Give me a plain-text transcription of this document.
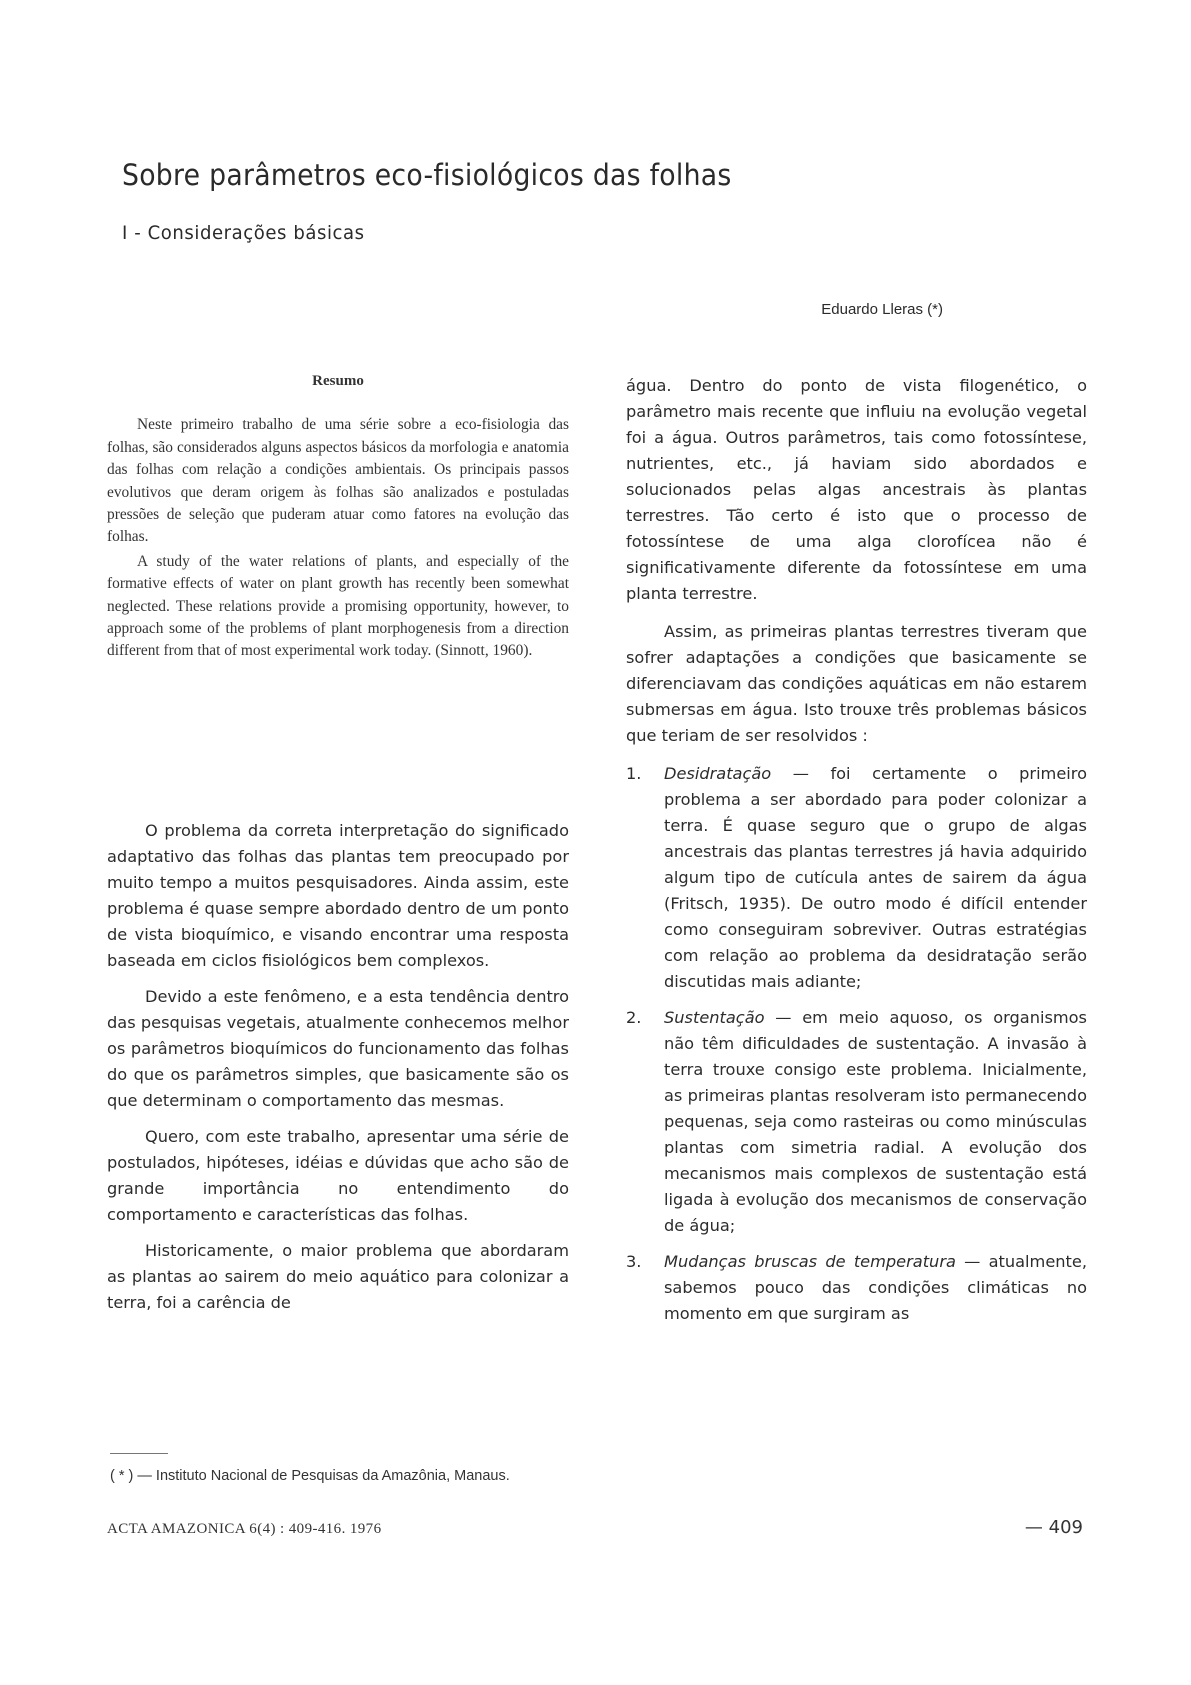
Sobre parâmetros eco-fisiológicos das folhas
I - Considerações básicas
Eduardo Lleras (*)
Resumo

Neste primeiro trabalho de uma série sobre a eco-fisiologia das folhas, são considerados alguns aspectos básicos da morfologia e anatomia das folhas com relação a condições ambientais. Os principais passos evolutivos que deram origem às folhas são analizados e postuladas pressões de seleção que puderam atuar como fatores na evolução das folhas.

A study of the water relations of plants, and especially of the formative effects of water on plant growth has recently been somewhat neglected. These relations provide a promising opportunity, however, to approach some of the problems of plant morphogenesis from a direction different from that of most experimental work today. (Sinnott, 1960).

O problema da correta interpretação do significado adaptativo das folhas das plantas tem preocupado por muito tempo a muitos pesquisadores. Ainda assim, este problema é quase sempre abordado dentro de um ponto de vista bioquímico, e visando encontrar uma resposta baseada em ciclos fisiológicos bem complexos.

Devido a este fenômeno, e a esta tendência dentro das pesquisas vegetais, atualmente conhecemos melhor os parâmetros bioquímicos do funcionamento das folhas do que os parâmetros simples, que basicamente são os que determinam o comportamento das mesmas.

Quero, com este trabalho, apresentar uma série de postulados, hipóteses, idéias e dúvidas que acho são de grande importância no entendimento do comportamento e características das folhas.

Historicamente, o maior problema que abordaram as plantas ao sairem do meio aquático para colonizar a terra, foi a carência de

água. Dentro do ponto de vista filogenético, o parâmetro mais recente que influiu na evolução vegetal foi a água. Outros parâmetros, tais como fotossíntese, nutrientes, etc., já haviam sido abordados e solucionados pelas algas ancestrais às plantas terrestres. Tão certo é isto que o processo de fotossíntese de uma alga clorofícea não é significativamente diferente da fotossíntese em uma planta terrestre.

Assim, as primeiras plantas terrestres tiveram que sofrer adaptações a condições que basicamente se diferenciavam das condições aquáticas em não estarem submersas em água. Isto trouxe três problemas básicos que teriam de ser resolvidos :

1. Desidratação — foi certamente o primeiro problema a ser abordado para poder colonizar a terra. É quase seguro que o grupo de algas ancestrais das plantas terrestres já havia adquirido algum tipo de cutícula antes de sairem da água (Fritsch, 1935). De outro modo é difícil entender como conseguiram sobreviver. Outras estratégias com relação ao problema da desidratação serão discutidas mais adiante;
2. Sustentação — em meio aquoso, os organismos não têm dificuldades de sustentação. A invasão à terra trouxe consigo este problema. Inicialmente, as primeiras plantas resolveram isto permanecendo pequenas, seja como rasteiras ou como minúsculas plantas com simetria radial. A evolução dos mecanismos mais complexos de sustentação está ligada à evolução dos mecanismos de conservação de água;
3. Mudanças bruscas de temperatura — atualmente, sabemos pouco das condições climáticas no momento em que surgiram as
( * ) — Instituto Nacional de Pesquisas da Amazônia, Manaus.
ACTA AMAZONICA 6(4) : 409-416. 1976	— 409
